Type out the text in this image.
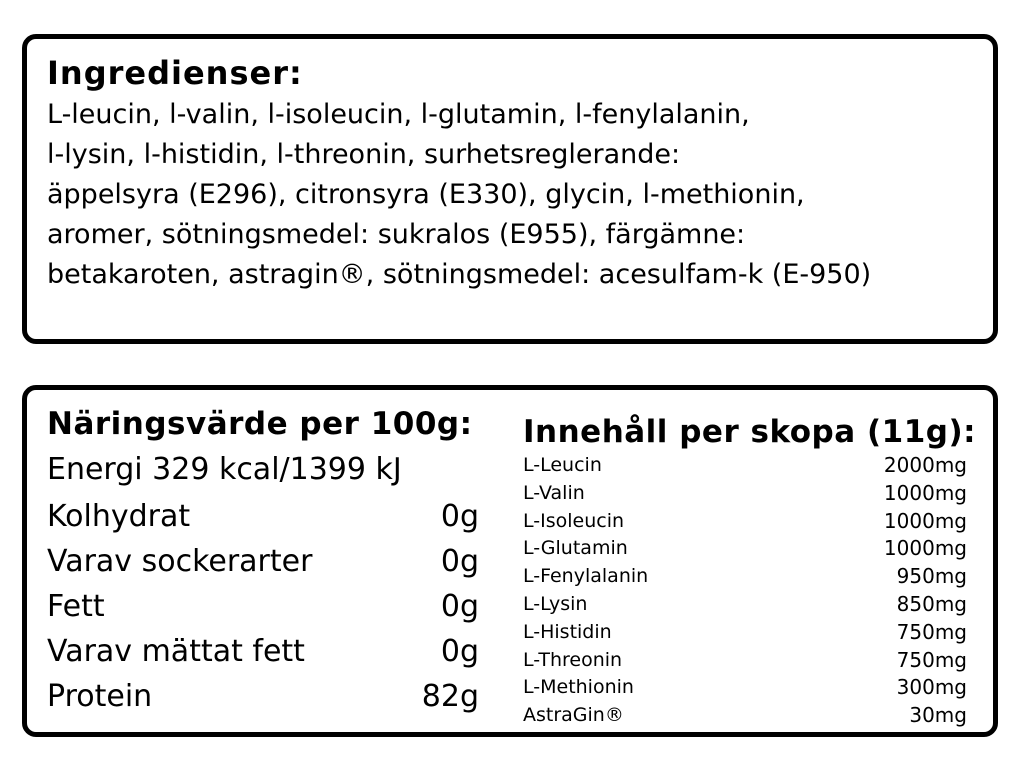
Ingredienser:
L-leucin, l-valin, l-isoleucin, l-glutamin, l-fenylalanin,
l-lysin, l-histidin, l-threonin, surhetsreglerande:
äppelsyra (E296), citronsyra (E330), glycin, l-methionin,
aromer, sötningsmedel: sukralos (E955), färgämne:
betakaroten, astragin®, sötningsmedel: acesulfam-k (E-950)
Näringsvärde per 100g:
Energi 329 kcal/1399 kJ
Kolhydrat	0g
Varav sockerarter	0g
Fett	0g
Varav mättat fett	0g
Protein	82g
Innehåll per skopa (11g):
L-Leucin	2000mg
L-Valin	1000mg
L-Isoleucin	1000mg
L-Glutamin	1000mg
L-Fenylalanin	950mg
L-Lysin	850mg
L-Histidin	750mg
L-Threonin	750mg
L-Methionin	300mg
AstraGin®	30mg
